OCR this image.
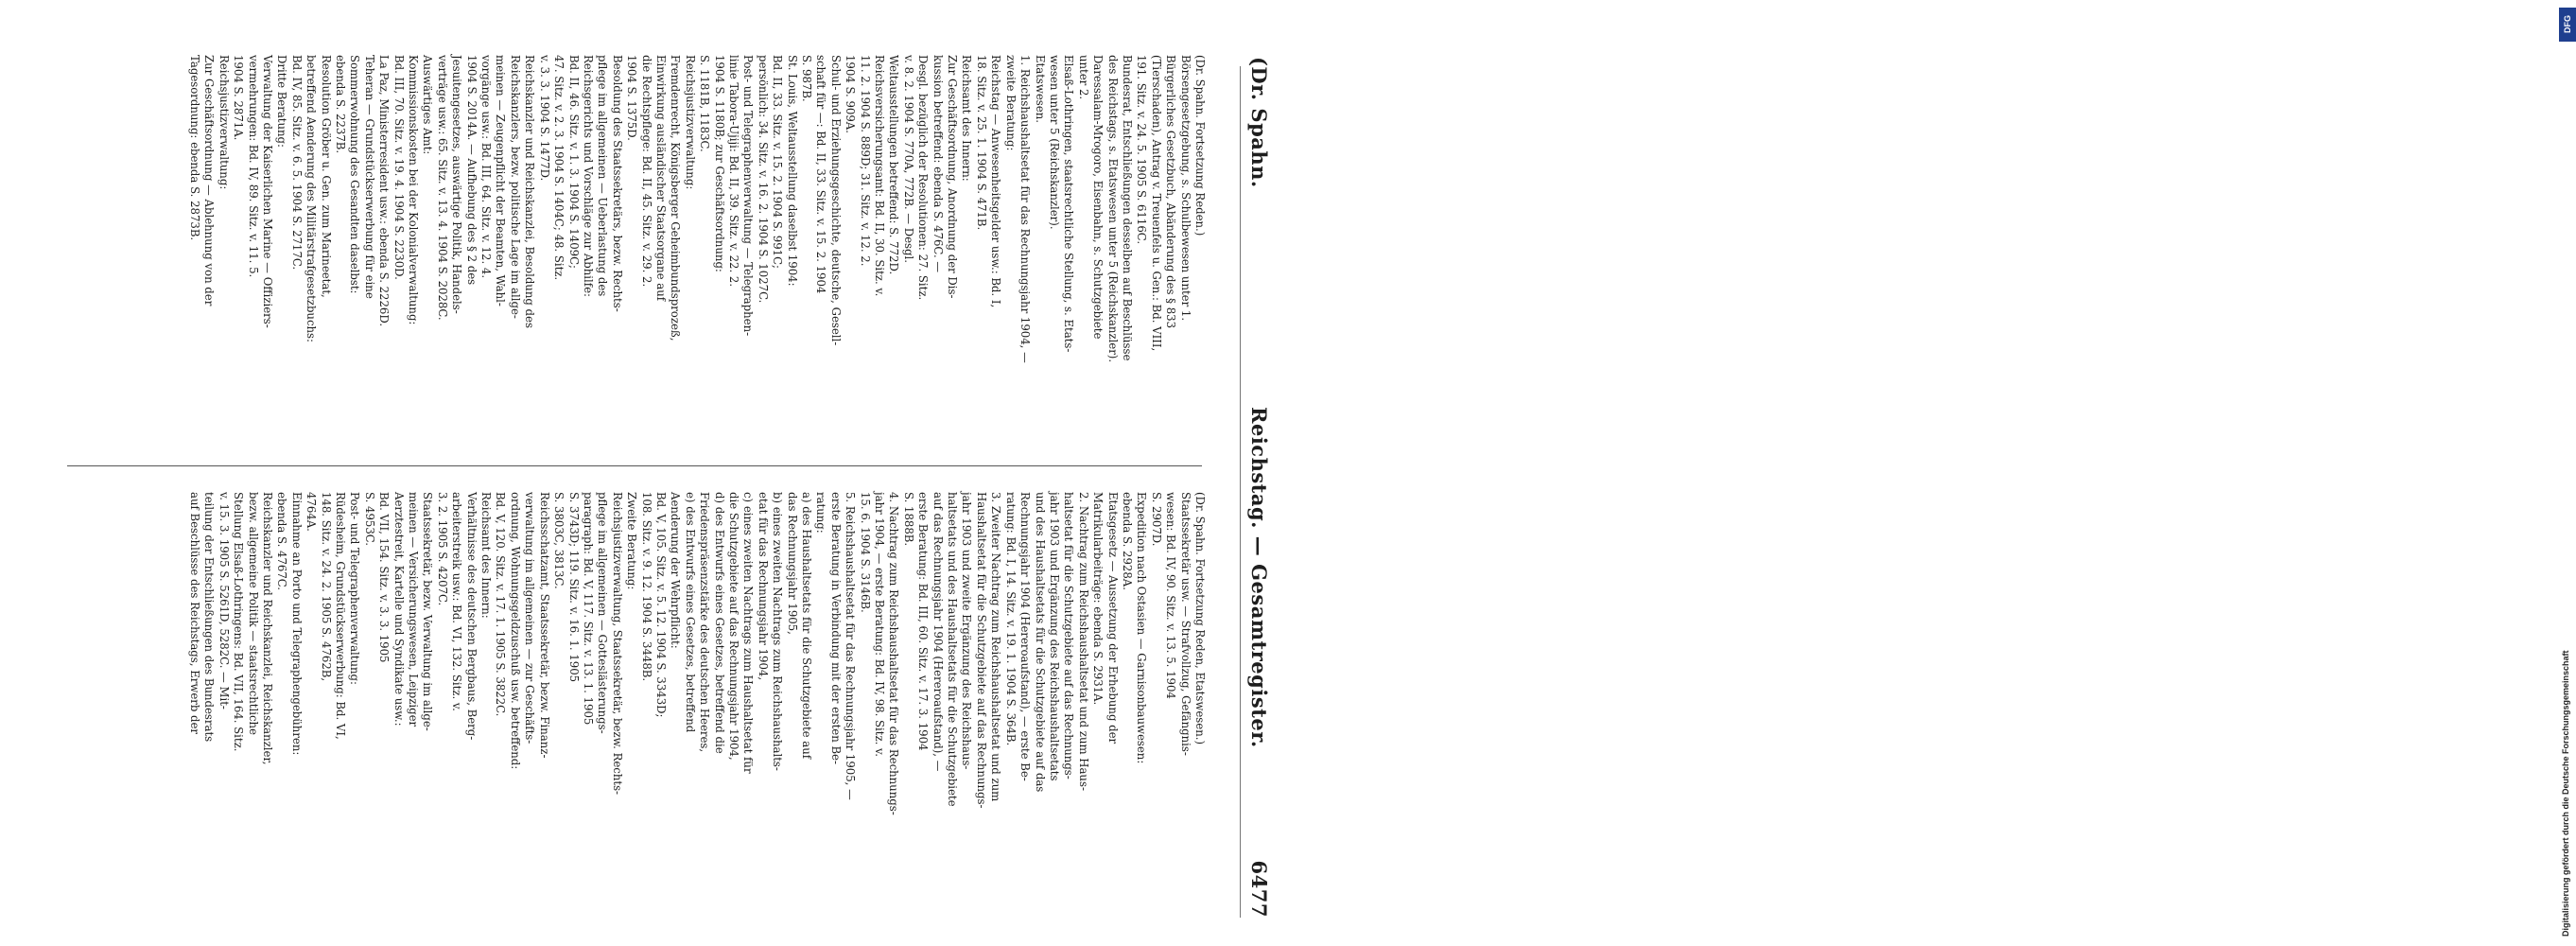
(Dr. Spahn.
Reichstag. — Gesamtregister.
6477
(Dr. Spahn. Fortsetzung Reden.)
Börsengesetzgebung, s. Schulbewesen unter 1.
Bürgerliches Gesetzbuch, Abänderung des § 833
(Tierschaden), Antrag v. Treuenfels u. Gen.: Bd. VIII,
191. Sitz. v. 24. 5. 1905 S. 6116C.
Bundesrat, Entschließungen desselben auf Beschlüsse
des Reichstags, s. Etatswesen unter 5 (Reichskanzler).
Daressalam-Mrogoro, Eisenbahn, s. Schutzgebiete
unter 2.
Elsaß-Lothringen, staatsrechtliche Stellung, s. Etats-
wesen unter 5 (Reichskanzler).
Etatswesen.
1. Reichshaushaltsetat für das Rechnungsjahr 1904, —
zweite Beratung:
Reichstag — Anwesenheitsgelder usw.: Bd. I,
18. Sitz. v. 25. 1. 1904 S. 471B.
Reichsamt des Innern:
Zur Geschäftsordnung, Anordnung der Dis-
kussion betreffend: ebenda S. 476C. —
Desgl. bezüglich der Resolutionen: 27. Sitz.
v. 8. 2. 1904 S. 770A, 772B. — Desgl.
Weltausstellungen betreffend: S. 772D.
Reichsversicherungsamt: Bd. II, 30. Sitz. v.
11. 2. 1904 S. 889D; 31. Sitz. v. 12. 2.
1904 S. 909A.
Schul- und Erziehungsgeschichte, deutsche, Gesell-
schaft für —: Bd. II, 33. Sitz. v. 15. 2. 1904
S. 987B.
St. Louis, Weltausstellung daselbst 1904:
Bd. II, 33. Sitz. v. 15. 2. 1904 S. 991C;
persönlich: 34. Sitz. v. 16. 2. 1904 S. 1027C.
Post- und Telegraphenverwaltung — Telegraphen-
linie Tabora-Ujiji: Bd. II, 39. Sitz. v. 22. 2.
1904 S. 1180B; zur Geschäftsordnung:
S. 1181B, 1183C.
Reichsjustizverwaltung:
Fremdenrecht, Königsberger Geheimbundsprozeß,
Einwirkung ausländischer Staatsorgane auf
die Rechtspflege: Bd. II, 45. Sitz. v. 29. 2.
1904 S. 1375D.
Besoldung des Staatssekretärs, bezw. Rechts-
pflege im allgemeinen — Ueberlastung des
Reichsgerichts und Vorschläge zur Abhilfe:
Bd. II, 46. Sitz. v. 1. 3. 1904 S. 1409C;
47. Sitz. v. 2. 3. 1904 S. 1404C; 48. Sitz.
v. 3. 3. 1904 S. 1477D.
Reichskanzler und Reichskanzlei, Besoldung des
Reichskanzlers, bezw. politische Lage im allge-
meinen — Zeugenpflicht der Beamten, Wahl-
vorgänge usw.: Bd. III, 64. Sitz. v. 12. 4.
1904 S. 2014A. — Aufhebung des § 2 des
Jesuitengesetzes, auswärtige Politik, Handels-
verträge usw.: 65. Sitz. v. 13. 4. 1904 S. 2028C.
Auswärtiges Amt:
Kommissionskosten bei der Kolonialverwaltung:
Bd. III, 70. Sitz. v. 19. 4. 1904 S. 2230D.
La Paz, Ministerresident usw.: ebenda S. 2226D.
Teheran — Grundstückserwerbung für eine
Sommerwohnung des Gesandten daselbst:
ebenda S. 2237B.
Resolution Gröber u. Gen. zum Marineetat,
betreffend Aenderung des Militärstrafgesetzbuchs:
Bd. IV, 85. Sitz. v. 6. 5. 1904 S. 2717C.
Dritte Beratung:
Verwaltung der Kaiserlichen Marine — Offiziers-
vermehrungen: Bd. IV, 89. Sitz. v. 11. 5.
1904 S. 2871A.
Reichsjustizverwaltung:
Zur Geschäftsordnung — Ablehnung von der
Tagesordnung: ebenda S. 2873B.
(Dr. Spahn. Fortsetzung Reden, Etatswesen.)
Staatssekretär usw. — Strafvollzug, Gefängnis-
wesen: Bd. IV, 90. Sitz. v. 13. 5. 1904
S. 2907D.
Expedition nach Ostasien — Garnisonbauwesen:
ebenda S. 2928A.
Etatsgesetz — Aussetzung der Erhebung der
Matrikularbeiträge: ebenda S. 2931A.
2. Nachtrag zum Reichshaushaltsetat und zum Haus-
haltsetat für die Schutzgebiete auf das Rechnungs-
jahr 1903 und Ergänzung des Reichshaushaltsetats
und des Haushaltsetats für die Schutzgebiete auf das
Rechnungsjahr 1904 (Hereroaufstand), — erste Be-
ratung: Bd. I, 14. Sitz. v. 19. 1. 1904 S. 364B.
3. Zweiter Nachtrag zum Reichshaushaltsetat und zum
Haushaltsetat für die Schutzgebiete auf das Rechnungs-
jahr 1903 und zweite Ergänzung des Reichshaus-
haltsetats und des Haushaltsetats für die Schutzgebiete
auf das Rechnungsjahr 1904 (Hereroaufstand), —
erste Beratung: Bd. III, 60. Sitz. v. 17. 3. 1904
S. 1888B.
4. Nachtrag zum Reichshaushaltsetat für das Rechnungs-
jahr 1904, — erste Beratung: Bd. IV, 98. Sitz. v.
15. 6. 1904 S. 3146B.
5. Reichshaushaltsetat für das Rechnungsjahr 1905, —
erste Beratung in Verbindung mit der ersten Be-
ratung:
a) des Haushaltsetats für die Schutzgebiete auf
das Rechnungsjahr 1905,
b) eines zweiten Nachtrags zum Reichshaushalts-
etat für das Rechnungsjahr 1904,
c) eines zweiten Nachtrags zum Haushaltsetat für
die Schutzgebiete auf das Rechnungsjahr 1904,
d) des Entwurfs eines Gesetzes, betreffend die
Friedenspräsenzstärke des deutschen Heeres,
e) des Entwurfs eines Gesetzes, betreffend
Aenderung der Wehrpflicht:
Bd. V, 105. Sitz. v. 5. 12. 1904 S. 3343D;
108. Sitz. v. 9. 12. 1904 S. 3448B.
Zweite Beratung:
Reichsjustizverwaltung, Staatssekretär, bezw. Rechts-
pflege im allgemeinen — Gotteslästerungs-
paragraph: Bd. V, 117. Sitz. v. 13. 1. 1905
S. 3743D; 119. Sitz. v. 16. 1. 1905
S. 3803C, 3813C.
Reichsschatzamt, Staatssekretär, bezw. Finanz-
verwaltung im allgemeinen — zur Geschäfts-
ordnung, Wohnungsgeldzuschuß usw. betreffend:
Bd. V, 120. Sitz. v. 17. 1. 1905 S. 3822C.
Reichsamt des Innern:
Verhältnisse des deutschen Bergbaus, Berg-
arbeiterstreik usw.: Bd. VI, 132. Sitz. v.
3. 2. 1905 S. 4207C.
Staatssekretär, bezw. Verwaltung im allge-
meinen — Versicherungswesen, Leipziger
Aerztestreit, Kartelle und Syndikate usw.:
Bd. VII, 154. Sitz. v. 3. 3. 1905
S. 4953C.
Post- und Telegraphenverwaltung:
Rüdesheim, Grundstückserwerbung: Bd. VI,
148. Sitz. v. 24. 2. 1905 S. 4762B,
4764A.
Einnahme an Porto und Telegraphengebühren:
ebenda S. 4767C.
Reichskanzler und Reichskanzlei, Reichskanzler,
bezw. allgemeine Politik — staatsrechtliche
Stellung Elsaß-Lothringens: Bd. VII, 164. Sitz.
v. 15. 3. 1905 S. 5261D, 5282C. — Mit-
teilung der Entschließungen des Bundesrats
auf Beschlüsse des Reichstags, Erwerb der
DFG
Digitalisierung gefördert durch die Deutsche Forschungsgemeinschaft
